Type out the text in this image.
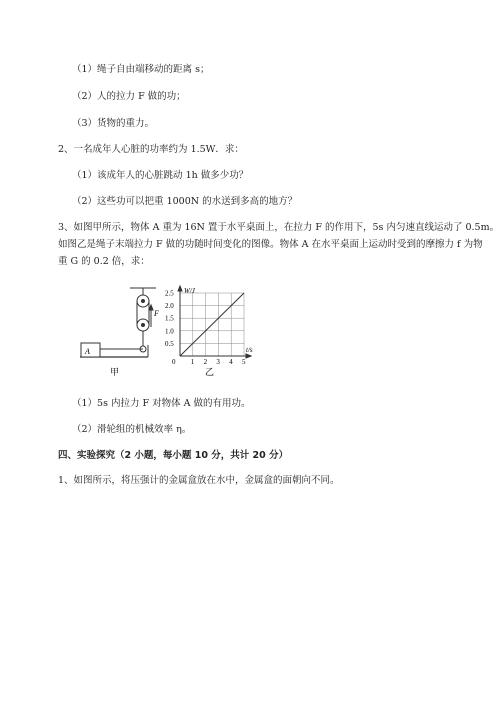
（1）绳子自由端移动的距离 s；
（2）人的拉力 F 做的功；
（3）货物的重力。
2、一名成年人心脏的功率约为 1.5W．求：
（1）该成年人的心脏跳动 1h 做多少功？
（2）这些功可以把重 1000N 的水送到多高的地方？
3、如图甲所示，物体 A 重为 16N 置于水平桌面上，在拉力 F 的作用下，5s 内匀速直线运动了 0.5m。
如图乙是绳子末端拉力 F 做的功随时间变化的图像。物体 A 在水平桌面上运动时受到的摩擦力 f 为物
重 G 的 0.2 倍，求：
A
F
甲
2.5
2.0
1.5
1.0
0.5
1 2 3 4 5
W/J
t/s
0
乙
（1）5s 内拉力 F 对物体 A 做的有用功。
（2）滑轮组的机械效率 η。
四、实验探究（2 小题，每小题 10 分，共计 20 分）
1、如图所示，将压强计的金属盒放在水中，金属盒的面朝向不同。
